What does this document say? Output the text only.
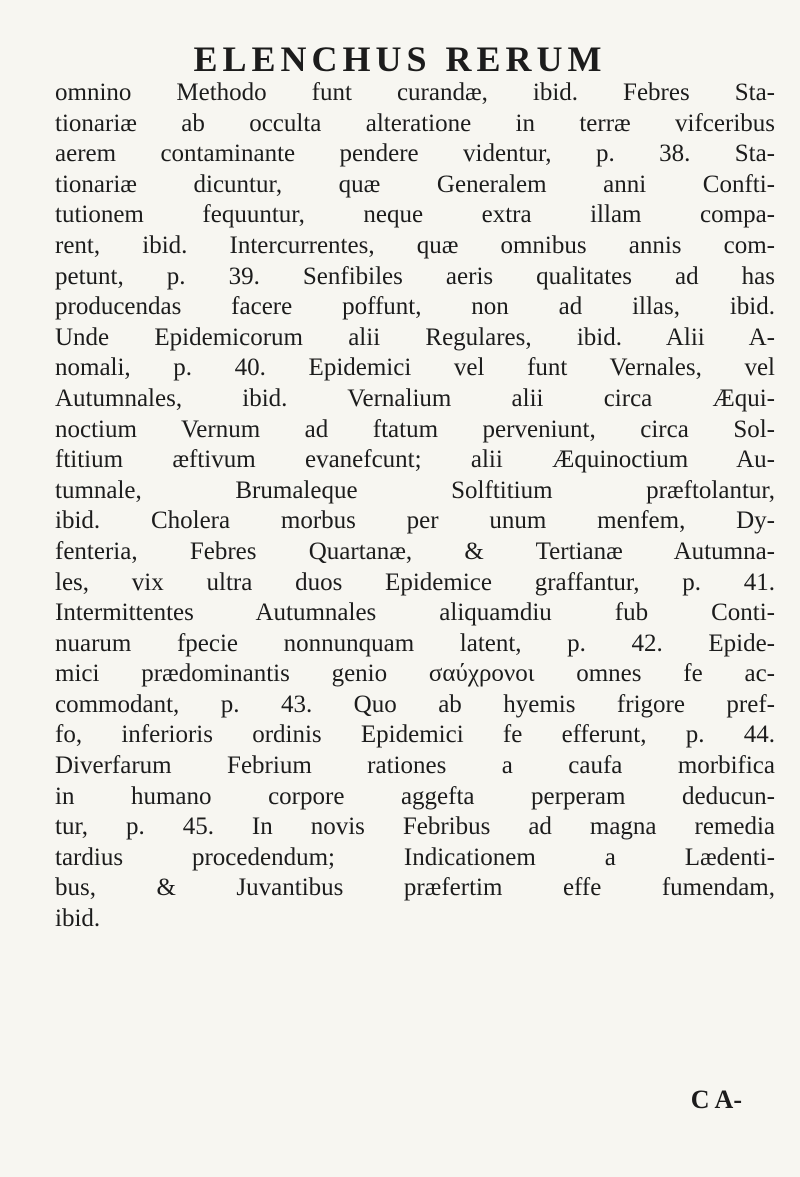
ELENCHUS RERUM
omnino Methodo funt curandæ, ibid. Febres Sta-
tionariæ ab occulta alteratione in terræ vifceribus
aerem contaminante pendere videntur, p. 38. Sta-
tionariæ dicuntur, quæ Generalem anni Confti-
tutionem fequuntur, neque extra illam compa-
rent, ibid. Intercurrentes, quæ omnibus annis com-
petunt, p. 39. Senfibiles aeris qualitates ad has
producendas facere poffunt, non ad illas, ibid.
Unde Epidemicorum alii Regulares, ibid. Alii A-
nomali, p. 40. Epidemici vel funt Vernales, vel
Autumnales, ibid. Vernalium alii circa Æqui-
noctium Vernum ad ftatum perveniunt, circa Sol-
ftitium æftivum evanefcunt; alii Æquinoctium Au-
tumnale, Brumaleque Solftitium præftolantur,
ibid. Cholera morbus per unum menfem, Dy-
fenteria, Febres Quartanæ, & Tertianæ Autumna-
les, vix ultra duos Epidemice graffantur, p. 41.
Intermittentes Autumnales aliquamdiu fub Conti-
nuarum fpecie nonnunquam latent, p. 42. Epide-
mici prædominantis genio σαύχρονοι omnes fe ac-
commodant, p. 43. Quo ab hyemis frigore pref-
fo, inferioris ordinis Epidemici fe efferunt, p. 44.
Diverfarum Febrium rationes a caufa morbifica
in humano corpore aggefta perperam deducun-
tur, p. 45. In novis Febribus ad magna remedia
tardius procedendum; Indicationem a Lædenti-
bus, & Juvantibus præfertim effe fumendam,
ibid.
C A-
